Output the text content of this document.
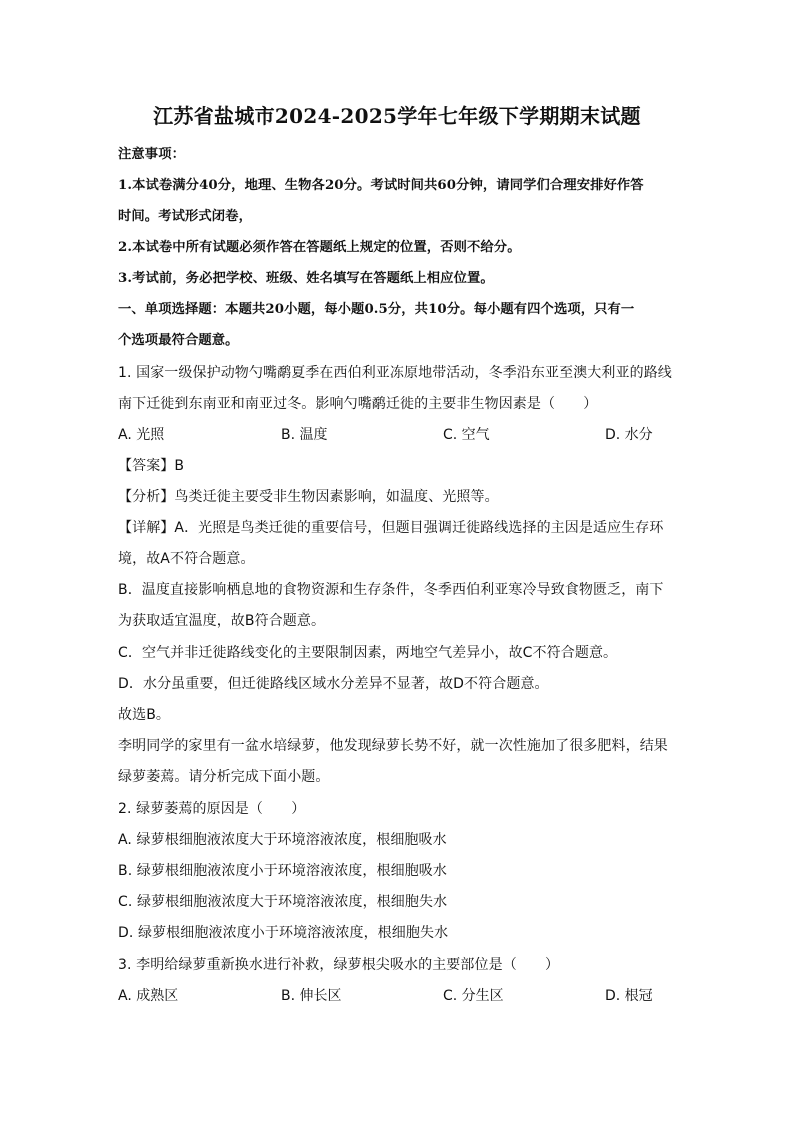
江苏省盐城市2024-2025学年七年级下学期期末试题
注意事项：
1.本试卷满分40分，地理、生物各20分。考试时间共60分钟，请同学们合理安排好作答
时间。考试形式闭卷，
2.本试卷中所有试题必须作答在答题纸上规定的位置，否则不给分。
3.考试前，务必把学校、班级、姓名填写在答题纸上相应位置。
一、单项选择题：本题共20小题，每小题0.5分，共10分。每小题有四个选项，只有一
个选项最符合题意。
1. 国家一级保护动物勺嘴鹬夏季在西伯利亚冻原地带活动，冬季沿东亚至澳大利亚的路线
南下迁徙到东南亚和南亚过冬。影响勺嘴鹬迁徙的主要非生物因素是（　　）
A. 光照	B. 温度	C. 空气	D. 水分
【答案】B
【分析】鸟类迁徙主要受非生物因素影响，如温度、光照等。
【详解】A．光照是鸟类迁徙的重要信号，但题目强调迁徙路线选择的主因是适应生存环
境，故A不符合题意。
B．温度直接影响栖息地的食物资源和生存条件，冬季西伯利亚寒冷导致食物匮乏，南下
为获取适宜温度，故B符合题意。
C．空气并非迁徙路线变化的主要限制因素，两地空气差异小，故C不符合题意。
D．水分虽重要，但迁徙路线区域水分差异不显著，故D不符合题意。
故选B。
李明同学的家里有一盆水培绿萝，他发现绿萝长势不好，就一次性施加了很多肥料，结果
绿萝萎蔫。请分析完成下面小题。
2. 绿萝萎蔫的原因是（　　）
A. 绿萝根细胞液浓度大于环境溶液浓度，根细胞吸水
B. 绿萝根细胞液浓度小于环境溶液浓度，根细胞吸水
C. 绿萝根细胞液浓度大于环境溶液浓度，根细胞失水
D. 绿萝根细胞液浓度小于环境溶液浓度，根细胞失水
3. 李明给绿萝重新换水进行补救，绿萝根尖吸水的主要部位是（　　）
A. 成熟区	B. 伸长区	C. 分生区	D. 根冠
